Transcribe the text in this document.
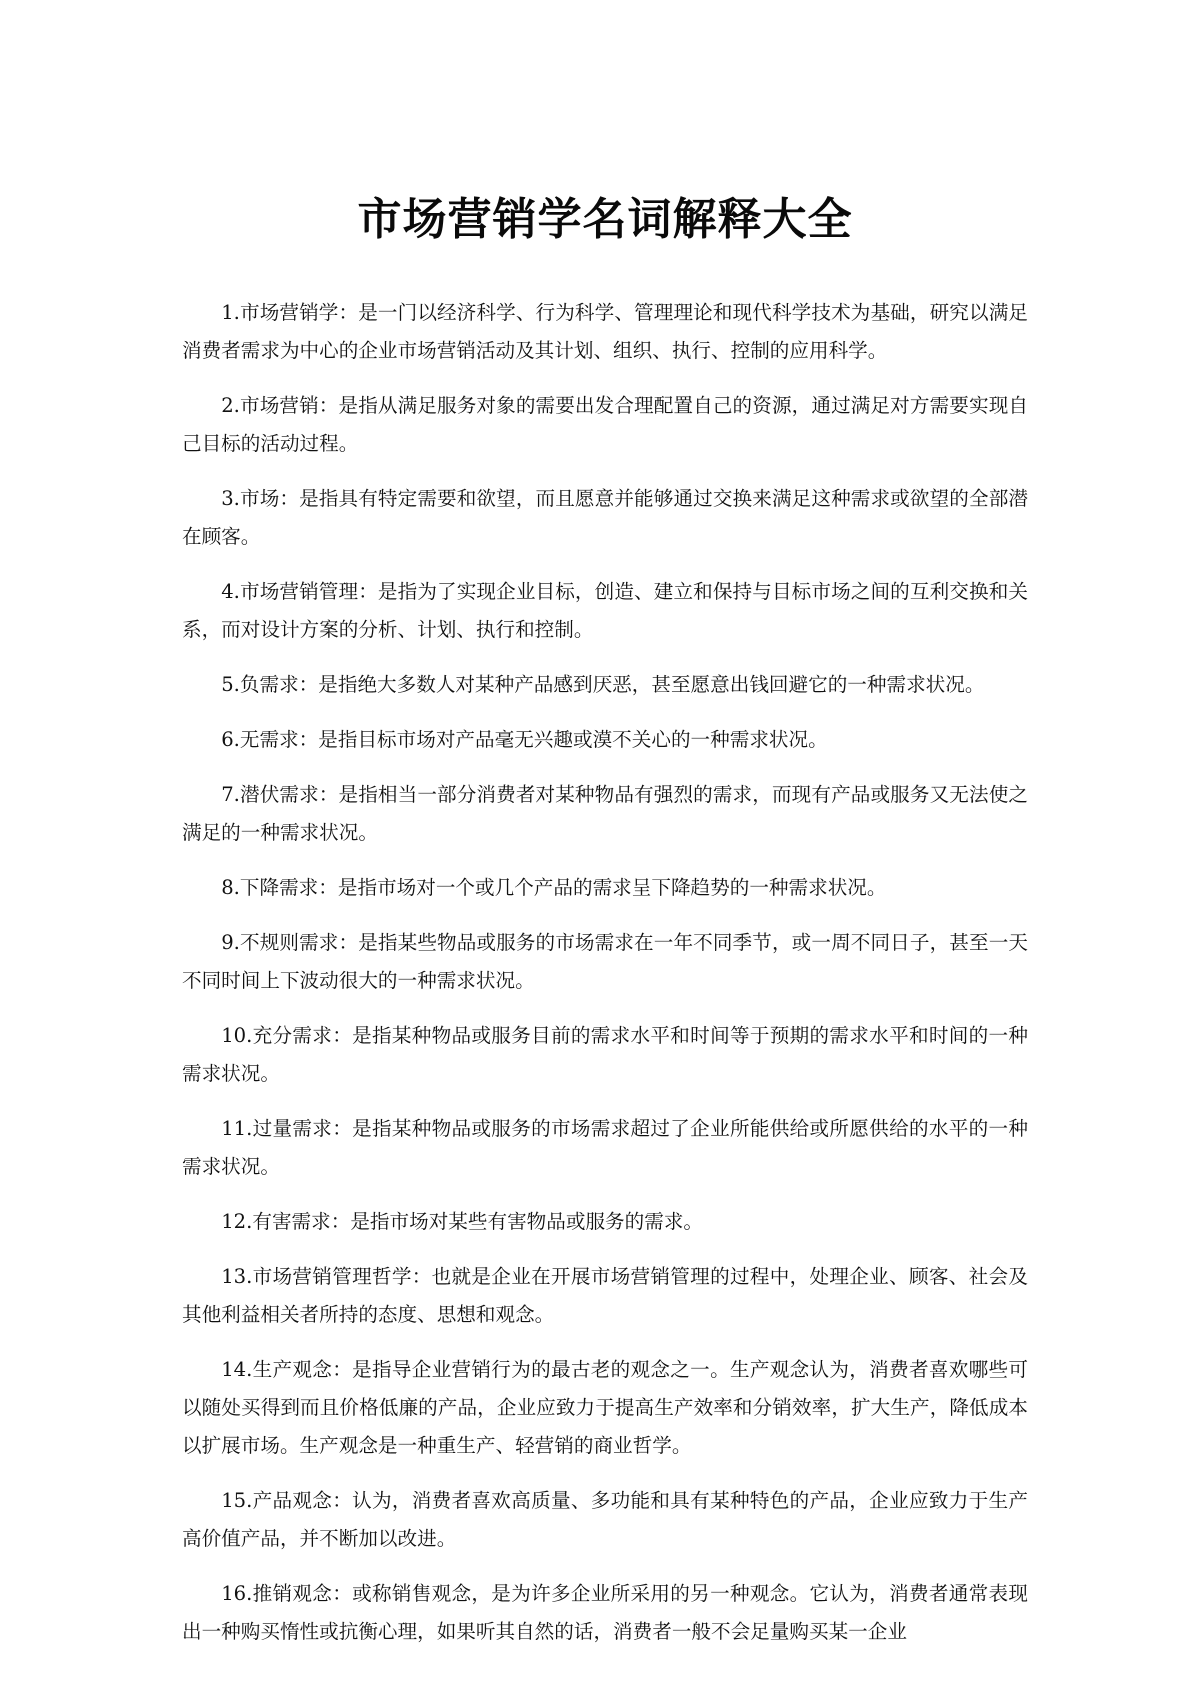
市场营销学名词解释大全

1.市场营销学：是一门以经济科学、行为科学、管理理论和现代科学技术为基础，研究以满足消费者需求为中心的企业市场营销活动及其计划、组织、执行、控制的应用科学。

2.市场营销：是指从满足服务对象的需要出发合理配置自己的资源，通过满足对方需要实现自己目标的活动过程。

3.市场：是指具有特定需要和欲望，而且愿意并能够通过交换来满足这种需求或欲望的全部潜在顾客。

4.市场营销管理：是指为了实现企业目标，创造、建立和保持与目标市场之间的互利交换和关系，而对设计方案的分析、计划、执行和控制。

5.负需求：是指绝大多数人对某种产品感到厌恶，甚至愿意出钱回避它的一种需求状况。

6.无需求：是指目标市场对产品毫无兴趣或漠不关心的一种需求状况。

7.潜伏需求：是指相当一部分消费者对某种物品有强烈的需求，而现有产品或服务又无法使之满足的一种需求状况。

8.下降需求：是指市场对一个或几个产品的需求呈下降趋势的一种需求状况。

9.不规则需求：是指某些物品或服务的市场需求在一年不同季节，或一周不同日子，甚至一天不同时间上下波动很大的一种需求状况。

10.充分需求：是指某种物品或服务目前的需求水平和时间等于预期的需求水平和时间的一种需求状况。

11.过量需求：是指某种物品或服务的市场需求超过了企业所能供给或所愿供给的水平的一种需求状况。

12.有害需求：是指市场对某些有害物品或服务的需求。

13.市场营销管理哲学：也就是企业在开展市场营销管理的过程中，处理企业、顾客、社会及其他利益相关者所持的态度、思想和观念。

14.生产观念：是指导企业营销行为的最古老的观念之一。生产观念认为，消费者喜欢哪些可以随处买得到而且价格低廉的产品，企业应致力于提高生产效率和分销效率，扩大生产，降低成本以扩展市场。生产观念是一种重生产、轻营销的商业哲学。

15.产品观念：认为，消费者喜欢高质量、多功能和具有某种特色的产品，企业应致力于生产高价值产品，并不断加以改进。

16.推销观念：或称销售观念，是为许多企业所采用的另一种观念。它认为，消费者通常表现出一种购买惰性或抗衡心理，如果听其自然的话，消费者一般不会足量购买某一企业
